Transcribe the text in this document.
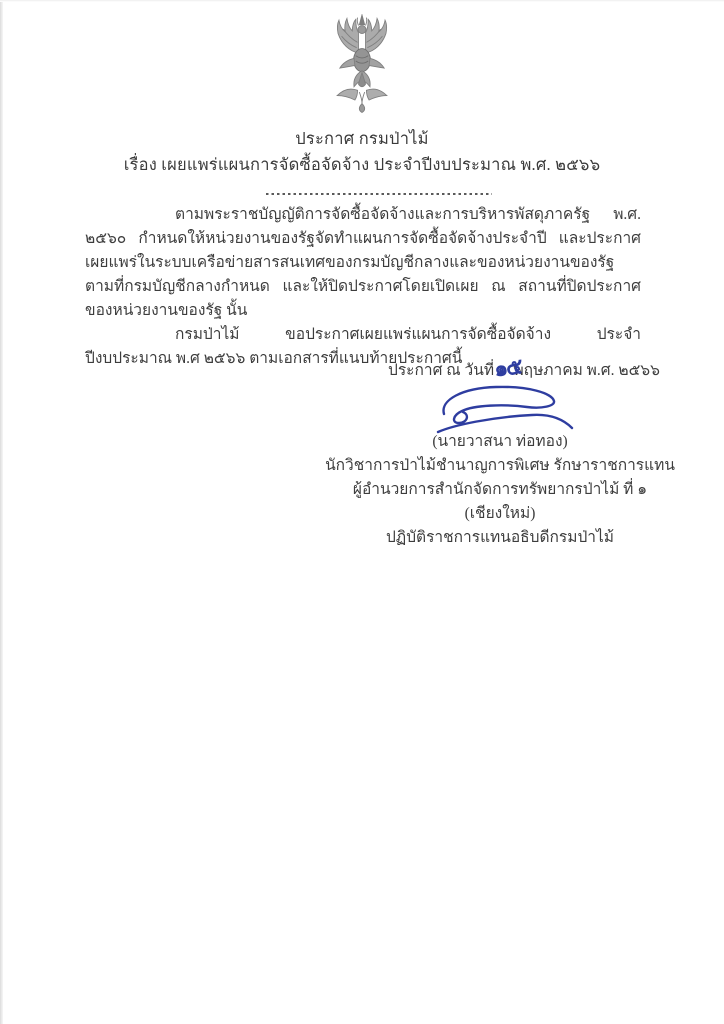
ประกาศ กรมป่าไม้
เรื่อง เผยแพร่แผนการจัดซื้อจัดจ้าง ประจำปีงบประมาณ พ.ศ. ๒๕๖๖

ตามพระราชบัญญัติการจัดซื้อจัดจ้างและการบริหารพัสดุภาครัฐ พ.ศ. ๒๕๖๐ กำหนดให้หน่วยงานของรัฐจัดทำแผนการจัดซื้อจัดจ้างประจำปี และประกาศเผยแพร่ในระบบเครือข่ายสารสนเทศของกรมบัญชีกลางและของหน่วยงานของรัฐตามที่กรมบัญชีกลางกำหนด และให้ปิดประกาศโดยเปิดเผย ณ สถานที่ปิดประกาศของหน่วยงานของรัฐ นั้น

กรมป่าไม้ ขอประกาศเผยแพร่แผนการจัดซื้อจัดจ้าง ประจำปีงบประมาณ พ.ศ ๒๕๖๖ ตามเอกสารที่แนบท้ายประกาศนี้

ประกาศ ณ วันที่ พฤษภาคม พ.ศ. ๒๕๖๖
๑๕
(นายวาสนา ท่อทอง)
นักวิชาการป่าไม้ชำนาญการพิเศษ รักษาราชการแทน
ผู้อำนวยการสำนักจัดการทรัพยากรป่าไม้ ที่ ๑
(เชียงใหม่)
ปฏิบัติราชการแทนอธิบดีกรมป่าไม้
